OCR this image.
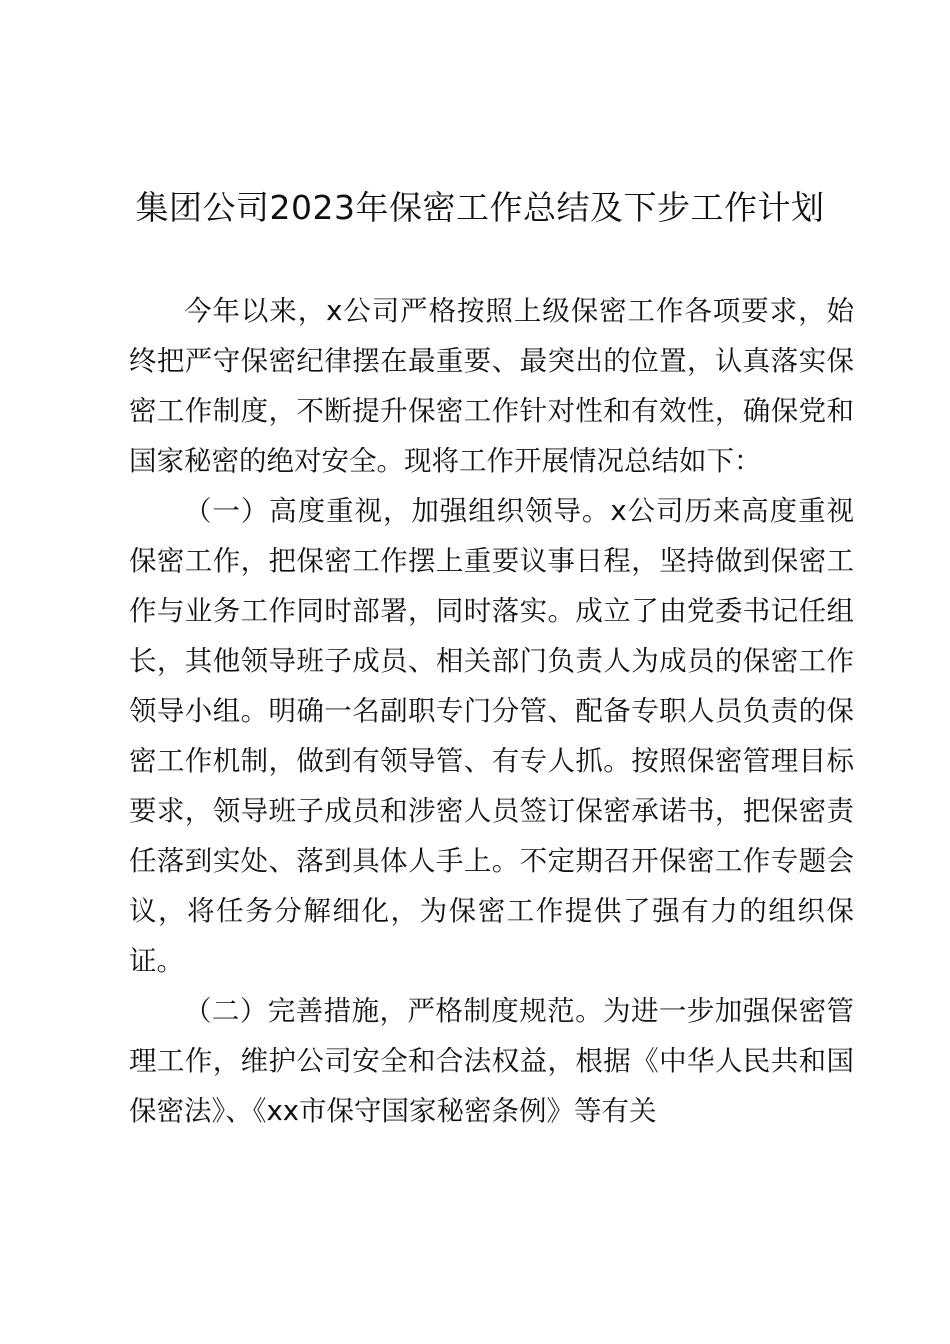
集团公司2023年保密工作总结及下步工作计划

今年以来，x公司严格按照上级保密工作各项要求，始终把严守保密纪律摆在最重要、最突出的位置，认真落实保密工作制度，不断提升保密工作针对性和有效性，确保党和国家秘密的绝对安全。现将工作开展情况总结如下：

（一）高度重视，加强组织领导。x公司历来高度重视保密工作，把保密工作摆上重要议事日程，坚持做到保密工作与业务工作同时部署，同时落实。成立了由党委书记任组长，其他领导班子成员、相关部门负责人为成员的保密工作领导小组。明确一名副职专门分管、配备专职人员负责的保密工作机制，做到有领导管、有专人抓。按照保密管理目标要求，领导班子成员和涉密人员签订保密承诺书，把保密责任落到实处、落到具体人手上。不定期召开保密工作专题会议，将任务分解细化，为保密工作提供了强有力的组织保证。

（二）完善措施，严格制度规范。为进一步加强保密管理工作，维护公司安全和合法权益，根据《中华人民共和国保密法》、《xx市保守国家秘密条例》等有关
